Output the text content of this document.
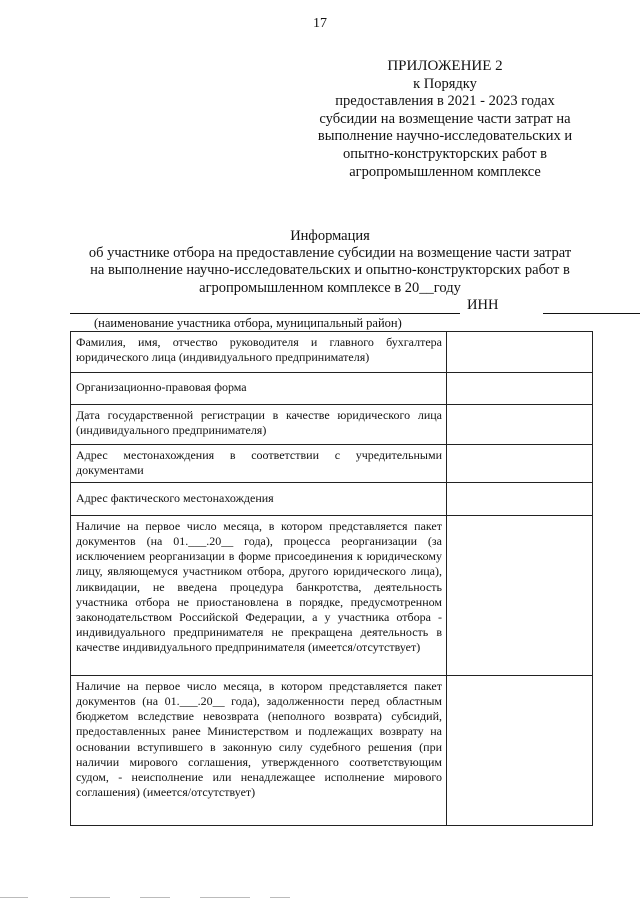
17
ПРИЛОЖЕНИЕ 2
к Порядку
предоставления в 2021 - 2023 годах
субсидии на возмещение части затрат на
выполнение научно-исследовательских и
опытно-конструкторских работ в
агропромышленном комплексе
Информация
об участнике отбора на предоставление субсидии на возмещение части затрат
на выполнение научно-исследовательских и опытно-конструкторских работ в
агропромышленном комплексе в 20__году
ИНН
(наименование участника отбора, муниципальный район)
Фамилия, имя, отчество руководителя и главного бухгалтера юридического лица (индивидуального предпринимателя)	
Организационно-правовая форма	
Дата государственной регистрации в качестве юридического лица (индивидуального предпринимателя)	
Адрес местонахождения в соответствии с учредительными документами	
Адрес фактического местонахождения	
Наличие на первое число месяца, в котором представляется пакет документов (на 01.___.20__ года), процесса реорганизации (за исключением реорганизации в форме присоединения к юридическому лицу, являющемуся участником отбора, другого юридического лица), ликвидации, не введена процедура банкротства, деятельность участника отбора не приостановлена в порядке, предусмотренном законодательством Российской Федерации, а у участника отбора - индивидуального предпринимателя не прекращена деятельность в качестве индивидуального предпринимателя (имеется/отсутствует)	
Наличие на первое число месяца, в котором представляется пакет документов (на 01.___.20__ года), задолженности перед областным бюджетом вследствие невозврата (неполного возврата) субсидий, предоставленных ранее Министерством и подлежащих возврату на основании вступившего в законную силу судебного решения (при наличии мирового соглашения, утвержденного соответствующим судом, - неисполнение или ненадлежащее исполнение мирового соглашения) (имеется/отсутствует)	
